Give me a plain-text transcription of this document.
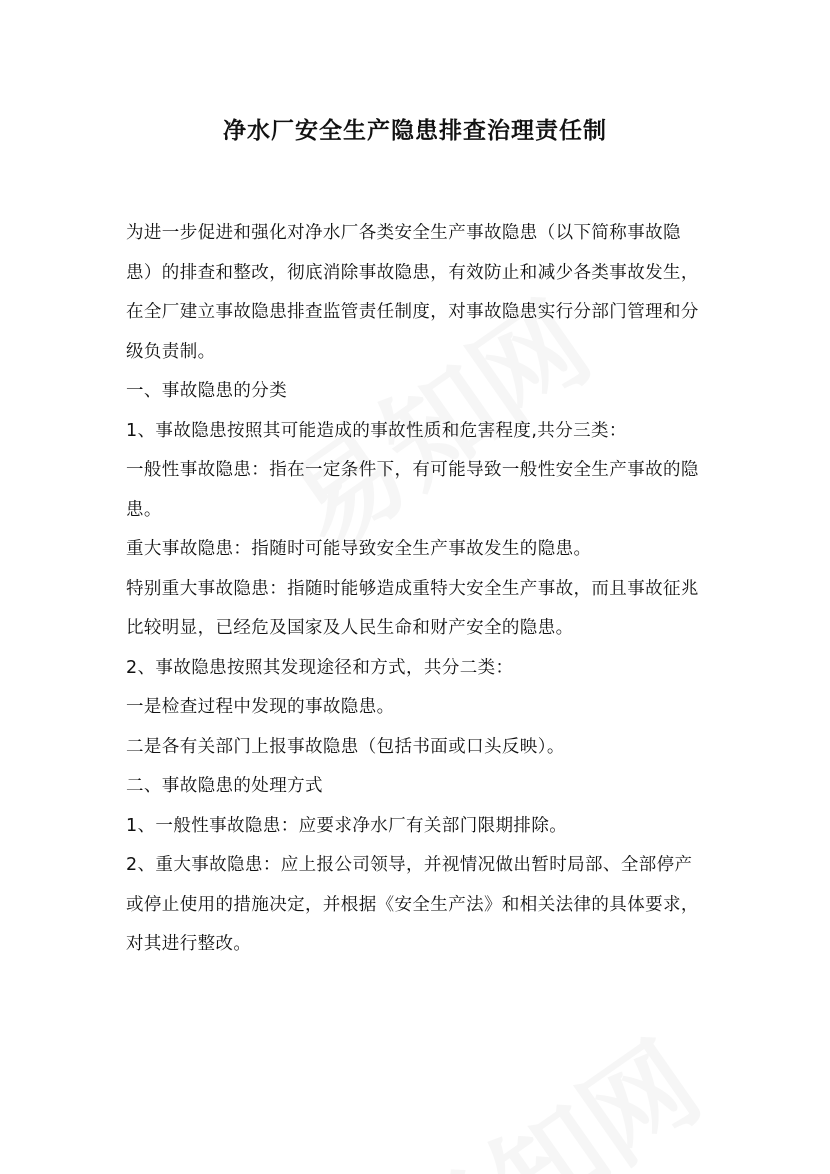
净水厂安全生产隐患排查治理责任制

为进一步促进和强化对净水厂各类安全生产事故隐患（以下简称事故隐患）的排查和整改，彻底消除事故隐患，有效防止和减少各类事故发生，在全厂建立事故隐患排查监管责任制度，对事故隐患实行分部门管理和分级负责制。

一、事故隐患的分类

1、事故隐患按照其可能造成的事故性质和危害程度,共分三类：

一般性事故隐患：指在一定条件下，有可能导致一般性安全生产事故的隐患。

重大事故隐患：指随时可能导致安全生产事故发生的隐患。

特别重大事故隐患：指随时能够造成重特大安全生产事故，而且事故征兆比较明显，已经危及国家及人民生命和财产安全的隐患。

2、事故隐患按照其发现途径和方式，共分二类：

一是检查过程中发现的事故隐患。

二是各有关部门上报事故隐患（包括书面或口头反映）。

二、事故隐患的处理方式

1、一般性事故隐患：应要求净水厂有关部门限期排除。

2、重大事故隐患：应上报公司领导，并视情况做出暂时局部、全部停产或停止使用的措施决定，并根据《安全生产法》和相关法律的具体要求，对其进行整改。
